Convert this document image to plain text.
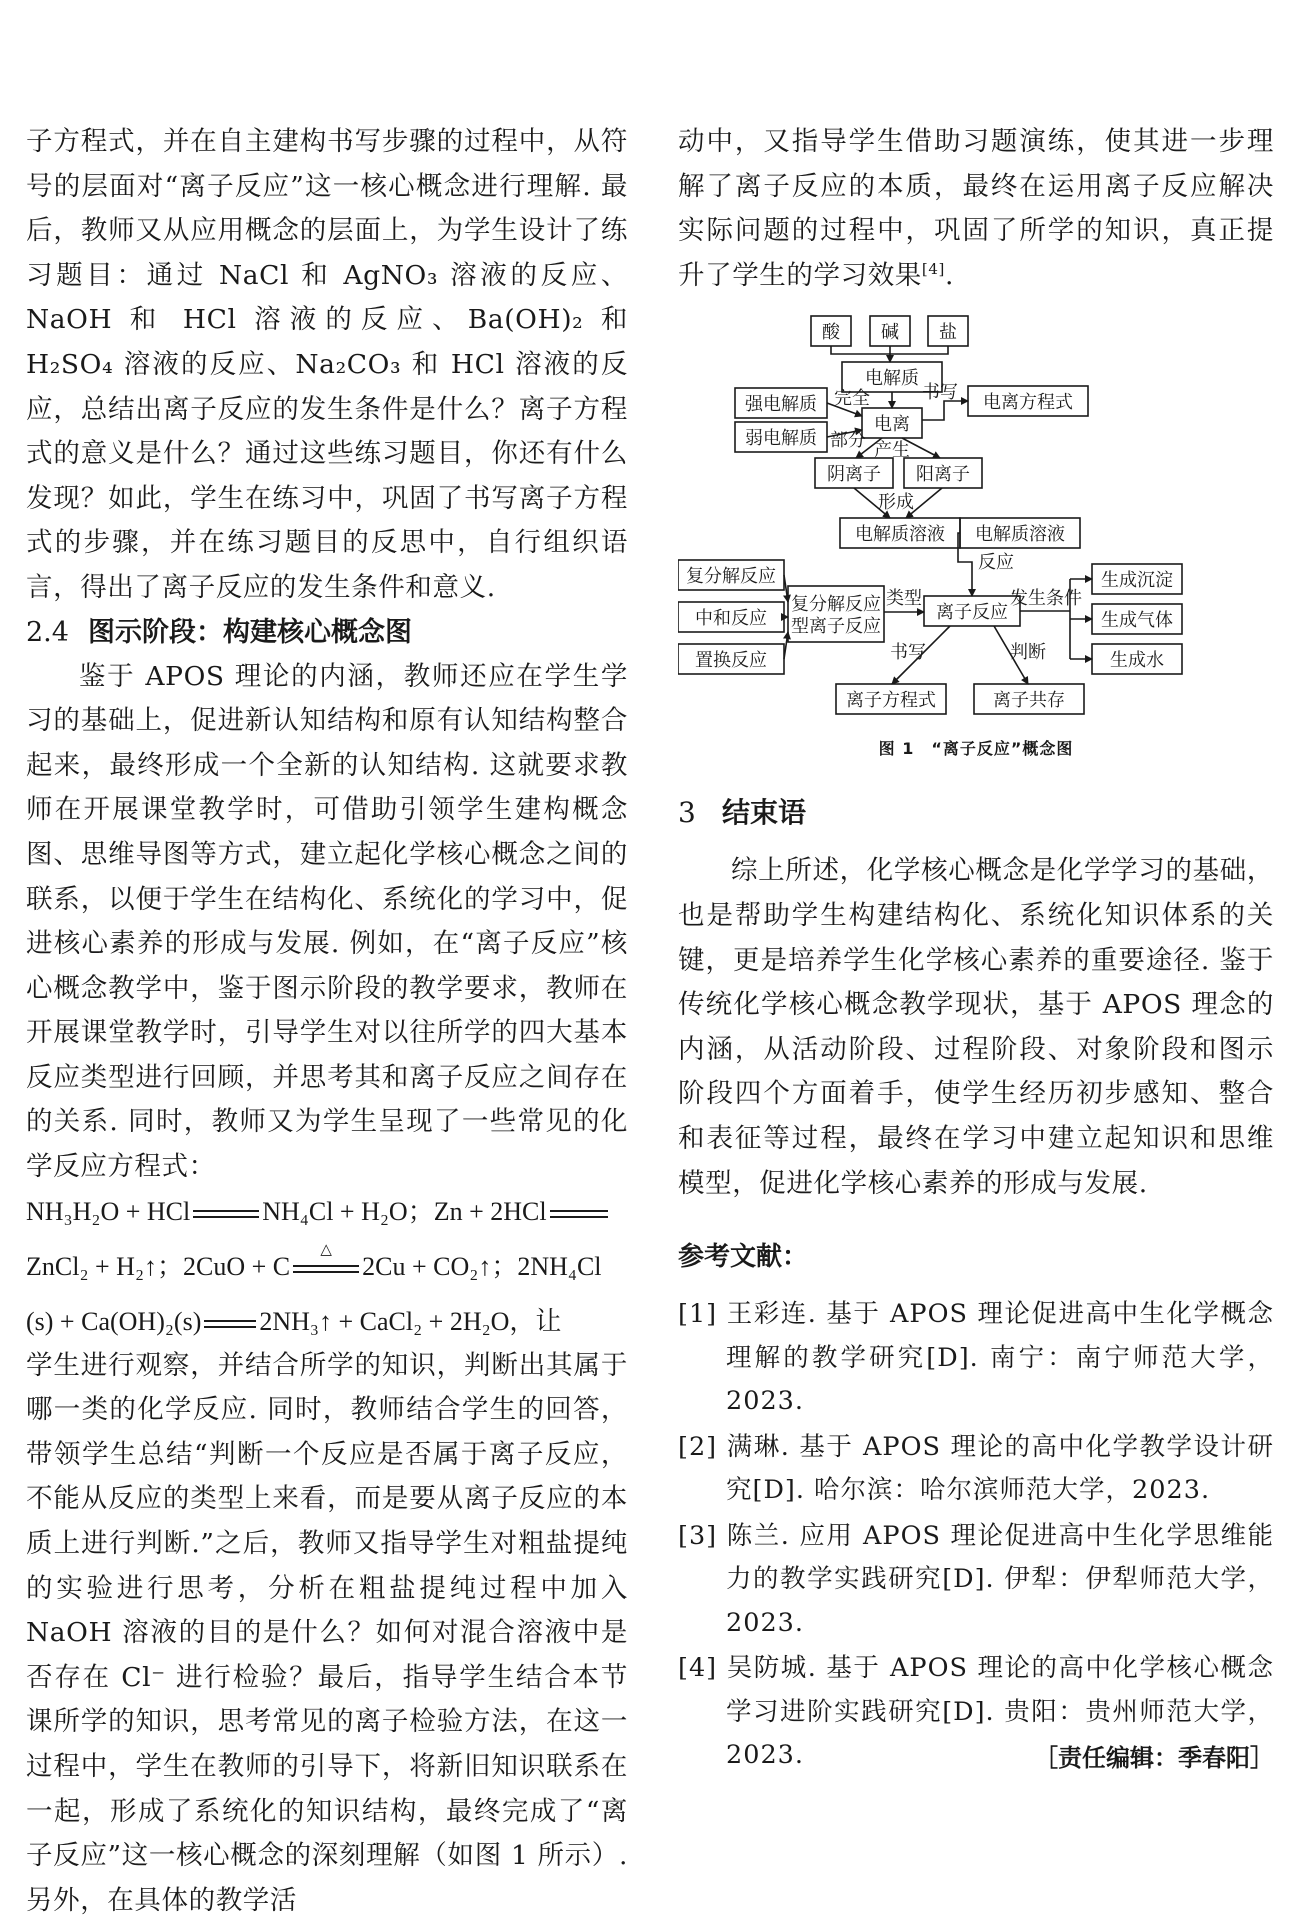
子方程式，并在自主建构书写步骤的过程中，从符号的层面对“离子反应”这一核心概念进行理解. 最后，教师又从应用概念的层面上，为学生设计了练习题目：通过 NaCl 和 AgNO₃ 溶液的反应、NaOH 和 HCl 溶液的反应、Ba(OH)₂ 和 H₂SO₄ 溶液的反应、Na₂CO₃ 和 HCl 溶液的反应，总结出离子反应的发生条件是什么？离子方程式的意义是什么？通过这些练习题目，你还有什么发现？如此，学生在练习中，巩固了书写离子方程式的步骤，并在练习题目的反思中，自行组织语言，得出了离子反应的发生条件和意义.

2.4 图示阶段：构建核心概念图

鉴于 APOS 理论的内涵，教师还应在学生学习的基础上，促进新认知结构和原有认知结构整合起来，最终形成一个全新的认知结构. 这就要求教师在开展课堂教学时，可借助引领学生建构概念图、思维导图等方式，建立起化学核心概念之间的联系，以便于学生在结构化、系统化的学习中，促进核心素养的形成与发展. 例如，在“离子反应”核心概念教学中，鉴于图示阶段的教学要求，教师在开展课堂教学时，引导学生对以往所学的四大基本反应类型进行回顾，并思考其和离子反应之间存在的关系. 同时，教师又为学生呈现了一些常见的化学反应方程式：

NH₃H₂O + HCl	NH₄Cl + H₂O；Zn + 2HCl

ZnCl₂ + H₂↑；2CuO + C
△
2Cu + CO₂↑；2NH₄Cl

(s) + Ca(OH)₂(s) 2NH₃↑ + CaCl₂ + 2H₂O，让

学生进行观察，并结合所学的知识，判断出其属于哪一类的化学反应. 同时，教师结合学生的回答，带领学生总结“判断一个反应是否属于离子反应，不能从反应的类型上来看，而是要从离子反应的本质上进行判断.”之后，教师又指导学生对粗盐提纯的实验进行思考，分析在粗盐提纯过程中加入 NaOH 溶液的目的是什么？如何对混合溶液中是否存在 Cl⁻ 进行检验？最后，指导学生结合本节课所学的知识，思考常见的离子检验方法，在这一过程中，学生在教师的引导下，将新旧知识联系在一起，形成了系统化的知识结构，最终完成了“离子反应”这一核心概念的深刻理解（如图 1 所示）. 另外，在具体的教学活

动中，又指导学生借助习题演练，使其进一步理解了离子反应的本质，最终在运用离子反应解决实际问题的过程中，巩固了所学的知识，真正提升了学生的学习效果[4].

酸 碱 盐
电解质
强电解质
弱电解质
电离
电离方程式
完全
部分
书写
产生
阴离子 阳离子
形成
电解质溶液 电解质溶液
反应
复分解反应
中和反应
置换反应
复分解反应
型离子反应
类型
离子反应
发生条件
生成沉淀
生成气体
生成水
书写	判断
离子方程式	离子共存

图 1　“离子反应”概念图

3 结束语

综上所述，化学核心概念是化学学习的基础，也是帮助学生构建结构化、系统化知识体系的关键，更是培养学生化学核心素养的重要途径. 鉴于传统化学核心概念教学现状，基于 APOS 理念的内涵，从活动阶段、过程阶段、对象阶段和图示阶段四个方面着手，使学生经历初步感知、整合和表征等过程，最终在学习中建立起知识和思维模型，促进化学核心素养的形成与发展.

参考文献：

[1] 王彩连. 基于 APOS 理论促进高中生化学概念理解的教学研究[D]. 南宁：南宁师范大学，2023.

[2] 满琳. 基于 APOS 理论的高中化学教学设计研究[D]. 哈尔滨：哈尔滨师范大学，2023.

[3] 陈兰. 应用 APOS 理论促进高中生化学思维能力的教学实践研究[D]. 伊犁：伊犁师范大学，2023.

[4] 吴防城. 基于 APOS 理论的高中化学核心概念学习进阶实践研究[D]. 贵阳：贵州师范大学，2023.	［责任编辑：季春阳］
